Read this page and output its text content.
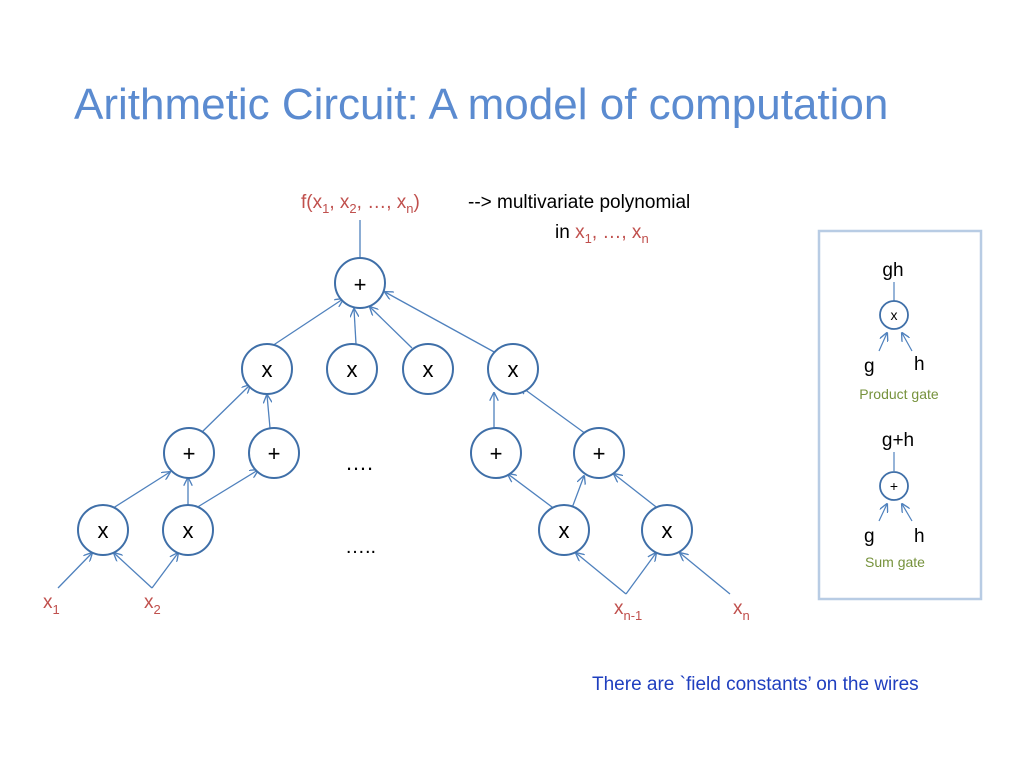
Arithmetic Circuit: A model of computation
+
x	x	x	x
+	+	+	+
x	x	x	x
….
…..
$f(x_1$, $x_2$, …, $x_n$)	--> multivariate polynomial
in $x_1$, …, $x_n$
$x_1$	$x_2$	$x_{n-1}$	$x_n$
gh
x
g h
Product gate
g+h
+
g h
Sum gate
There are `field constants’ on the wires
